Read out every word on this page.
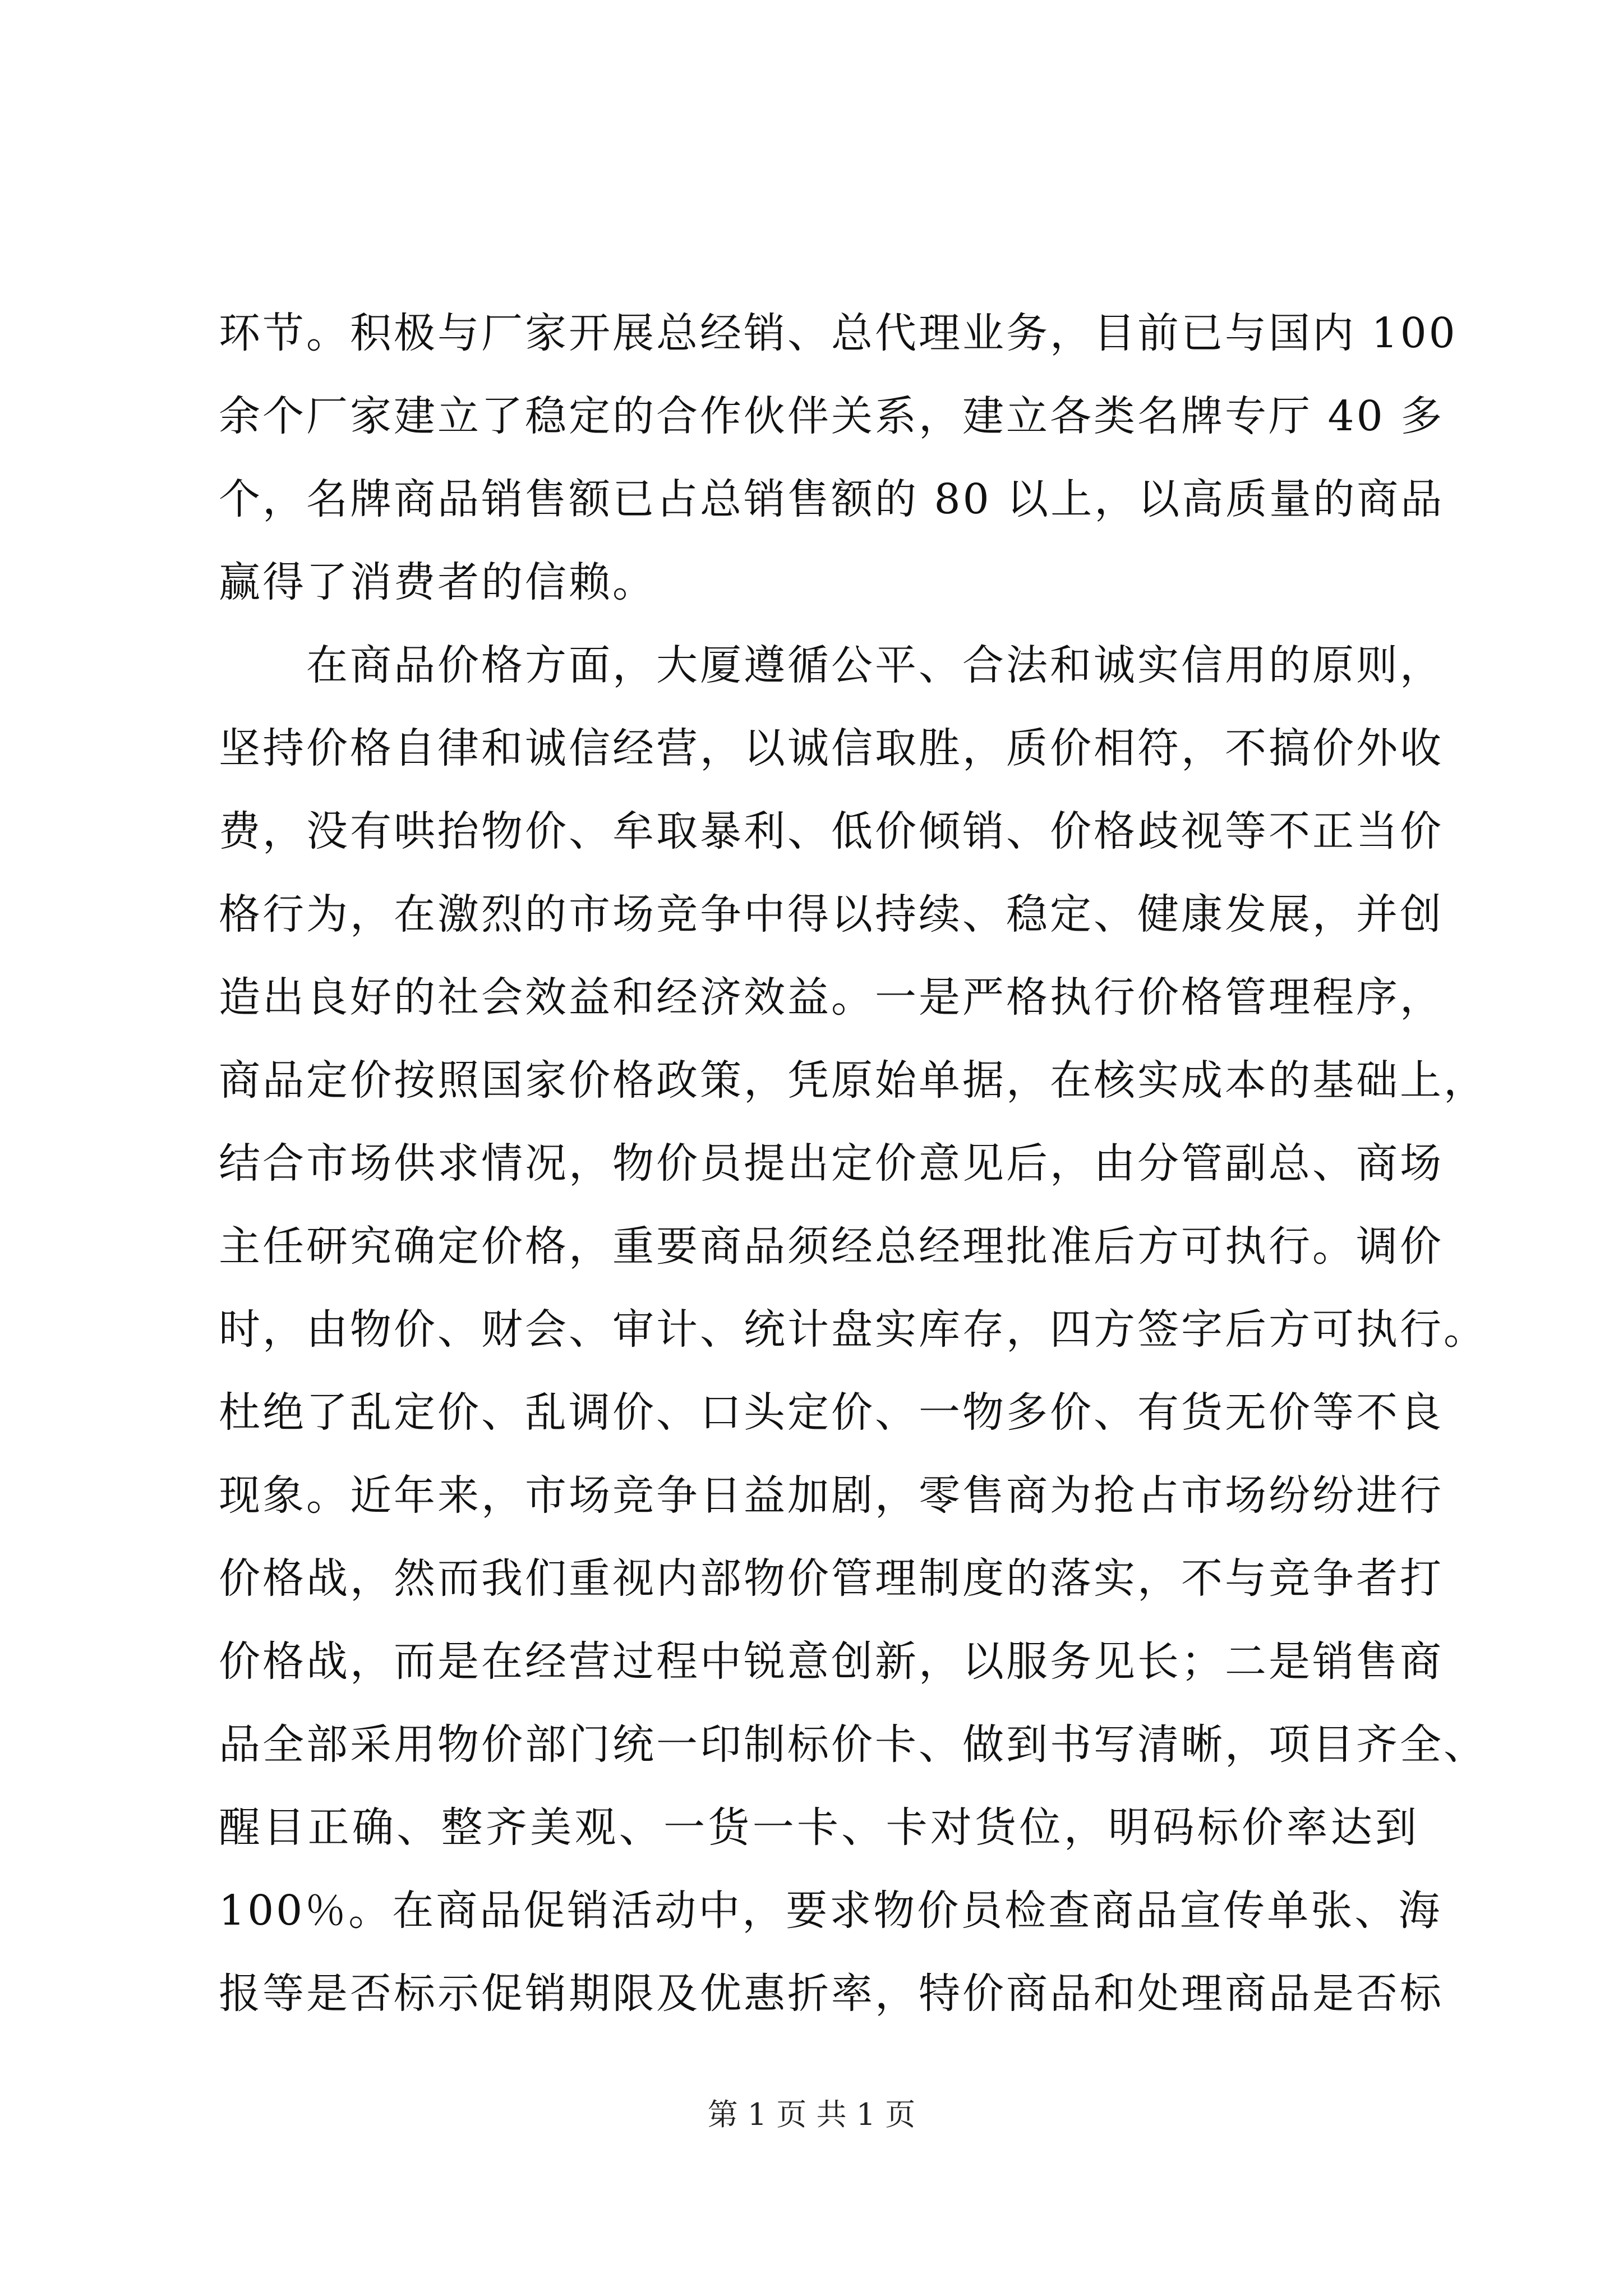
环节。积极与厂家开展总经销、总代理业务，目前已与国内 100
余个厂家建立了稳定的合作伙伴关系，建立各类名牌专厅 40 多
个，名牌商品销售额已占总销售额的 80 以上，以高质量的商品
赢得了消费者的信赖。
　　在商品价格方面，大厦遵循公平、合法和诚实信用的原则，
坚持价格自律和诚信经营，以诚信取胜，质价相符，不搞价外收
费，没有哄抬物价、牟取暴利、低价倾销、价格歧视等不正当价
格行为，在激烈的市场竞争中得以持续、稳定、健康发展，并创
造出良好的社会效益和经济效益。一是严格执行价格管理程序，
商品定价按照国家价格政策，凭原始单据，在核实成本的基础上，
结合市场供求情况，物价员提出定价意见后，由分管副总、商场
主任研究确定价格，重要商品须经总经理批准后方可执行。调价
时，由物价、财会、审计、统计盘实库存，四方签字后方可执行。
杜绝了乱定价、乱调价、口头定价、一物多价、有货无价等不良
现象。近年来，市场竞争日益加剧，零售商为抢占市场纷纷进行
价格战，然而我们重视内部物价管理制度的落实，不与竞争者打
价格战，而是在经营过程中锐意创新，以服务见长；二是销售商
品全部采用物价部门统一印制标价卡、做到书写清晰，项目齐全、
醒目正确、整齐美观、一货一卡、卡对货位，明码标价率达到
100％。在商品促销活动中，要求物价员检查商品宣传单张、海
报等是否标示促销期限及优惠折率，特价商品和处理商品是否标
第 1 页 共 1 页
